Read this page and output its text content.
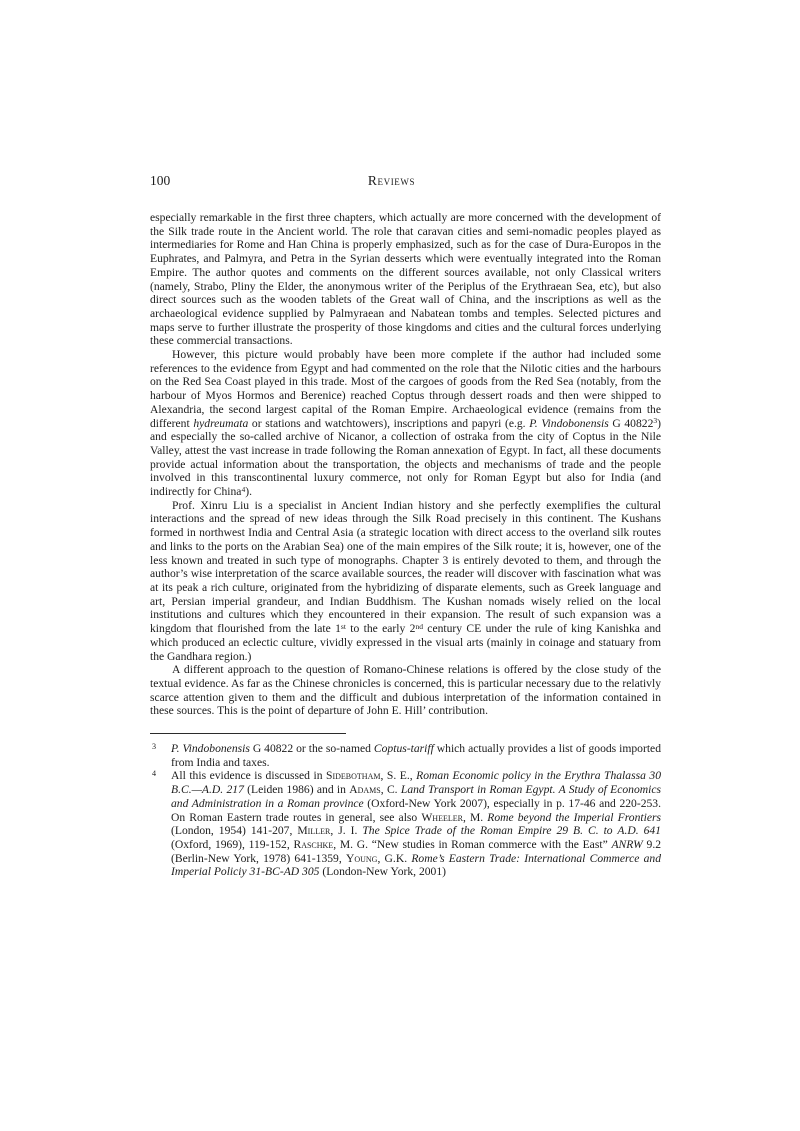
100	Reviews

especially remarkable in the first three chapters, which actually are more concerned with the development of the Silk trade route in the Ancient world. The role that caravan cities and semi-nomadic peoples played as intermediaries for Rome and Han China is properly emphasized, such as for the case of Dura-Europos in the Euphrates, and Palmyra, and Petra in the Syrian desserts which were eventually integrated into the Roman Empire. The author quotes and comments on the different sources available, not only Classical writers (namely, Strabo, Pliny the Elder, the anonymous writer of the Periplus of the Erythraean Sea, etc), but also direct sources such as the wooden tablets of the Great wall of China, and the inscriptions as well as the archaeological evidence supplied by Palmyraean and Nabatean tombs and temples. Selected pictures and maps serve to further illustrate the prosperity of those kingdoms and cities and the cultural forces underlying these commercial transactions.

However, this picture would probably have been more complete if the author had included some references to the evidence from Egypt and had commented on the role that the Nilotic cities and the harbours on the Red Sea Coast played in this trade. Most of the cargoes of goods from the Red Sea (notably, from the harbour of Myos Hormos and Berenice) reached Coptus through dessert roads and then were shipped to Alexandria, the second largest capital of the Roman Empire. Archaeological evidence (remains from the different hydreumata or stations and watchtowers), inscriptions and papyri (e.g. P. Vindobonensis G 40822$^3$) and especially the so-called archive of Nicanor, a collection of ostraka from the city of Coptus in the Nile Valley, attest the vast increase in trade following the Roman annexation of Egypt. In fact, all these documents provide actual information about the transportation, the objects and mechanisms of trade and the people involved in this transcontinental luxury commerce, not only for Roman Egypt but also for India (and indirectly for China$^4$).

Prof. Xinru Liu is a specialist in Ancient Indian history and she perfectly exemplifies the cultural interactions and the spread of new ideas through the Silk Road precisely in this continent. The Kushans formed in northwest India and Central Asia (a strategic location with direct access to the overland silk routes and links to the ports on the Arabian Sea) one of the main empires of the Silk route; it is, however, one of the less known and treated in such type of monographs. Chapter 3 is entirely devoted to them, and through the author’s wise interpretation of the scarce available sources, the reader will discover with fascination what was at its peak a rich culture, originated from the hybridizing of disparate elements, such as Greek language and art, Persian imperial grandeur, and Indian Buddhism. The Kushan nomads wisely relied on the local institutions and cultures which they encountered in their expansion. The result of such expansion was a kingdom that flourished from the late 1st to the early 2nd century CE under the rule of king Kanishka and which produced an eclectic culture, vividly expressed in the visual arts (mainly in coinage and statuary from the Gandhara region.)

A different approach to the question of Romano-Chinese relations is offered by the close study of the textual evidence. As far as the Chinese chronicles is concerned, this is particular necessary due to the relativly scarce attention given to them and the difficult and dubious interpretation of the information contained in these sources. This is the point of departure of John E. Hill’ contribution.

3 P. Vindobonensis G 40822 or the so-named Coptus-tariff which actually provides a list of goods imported from India and taxes.

4 All this evidence is discussed in Sidebotham, S. E., Roman Economic policy in the Erythra Thalassa 30 B.C.—A.D. 217 (Leiden 1986) and in Adams, C. Land Transport in Roman Egypt. A Study of Economics and Administration in a Roman province (Oxford-New York 2007), especially in p. 17-46 and 220-253. On Roman Eastern trade routes in general, see also Wheeler, M. Rome beyond the Imperial Frontiers (London, 1954) 141-207, Miller, J. I. The Spice Trade of the Roman Empire 29 B. C. to A.D. 641 (Oxford, 1969), 119-152, Raschke, M. G. “New studies in Roman commerce with the East” ANRW 9.2 (Berlin-New York, 1978) 641-1359, Young, G.K. Rome’s Eastern Trade: International Commerce and Imperial Policiy 31-BC-AD 305 (London-New York, 2001)
